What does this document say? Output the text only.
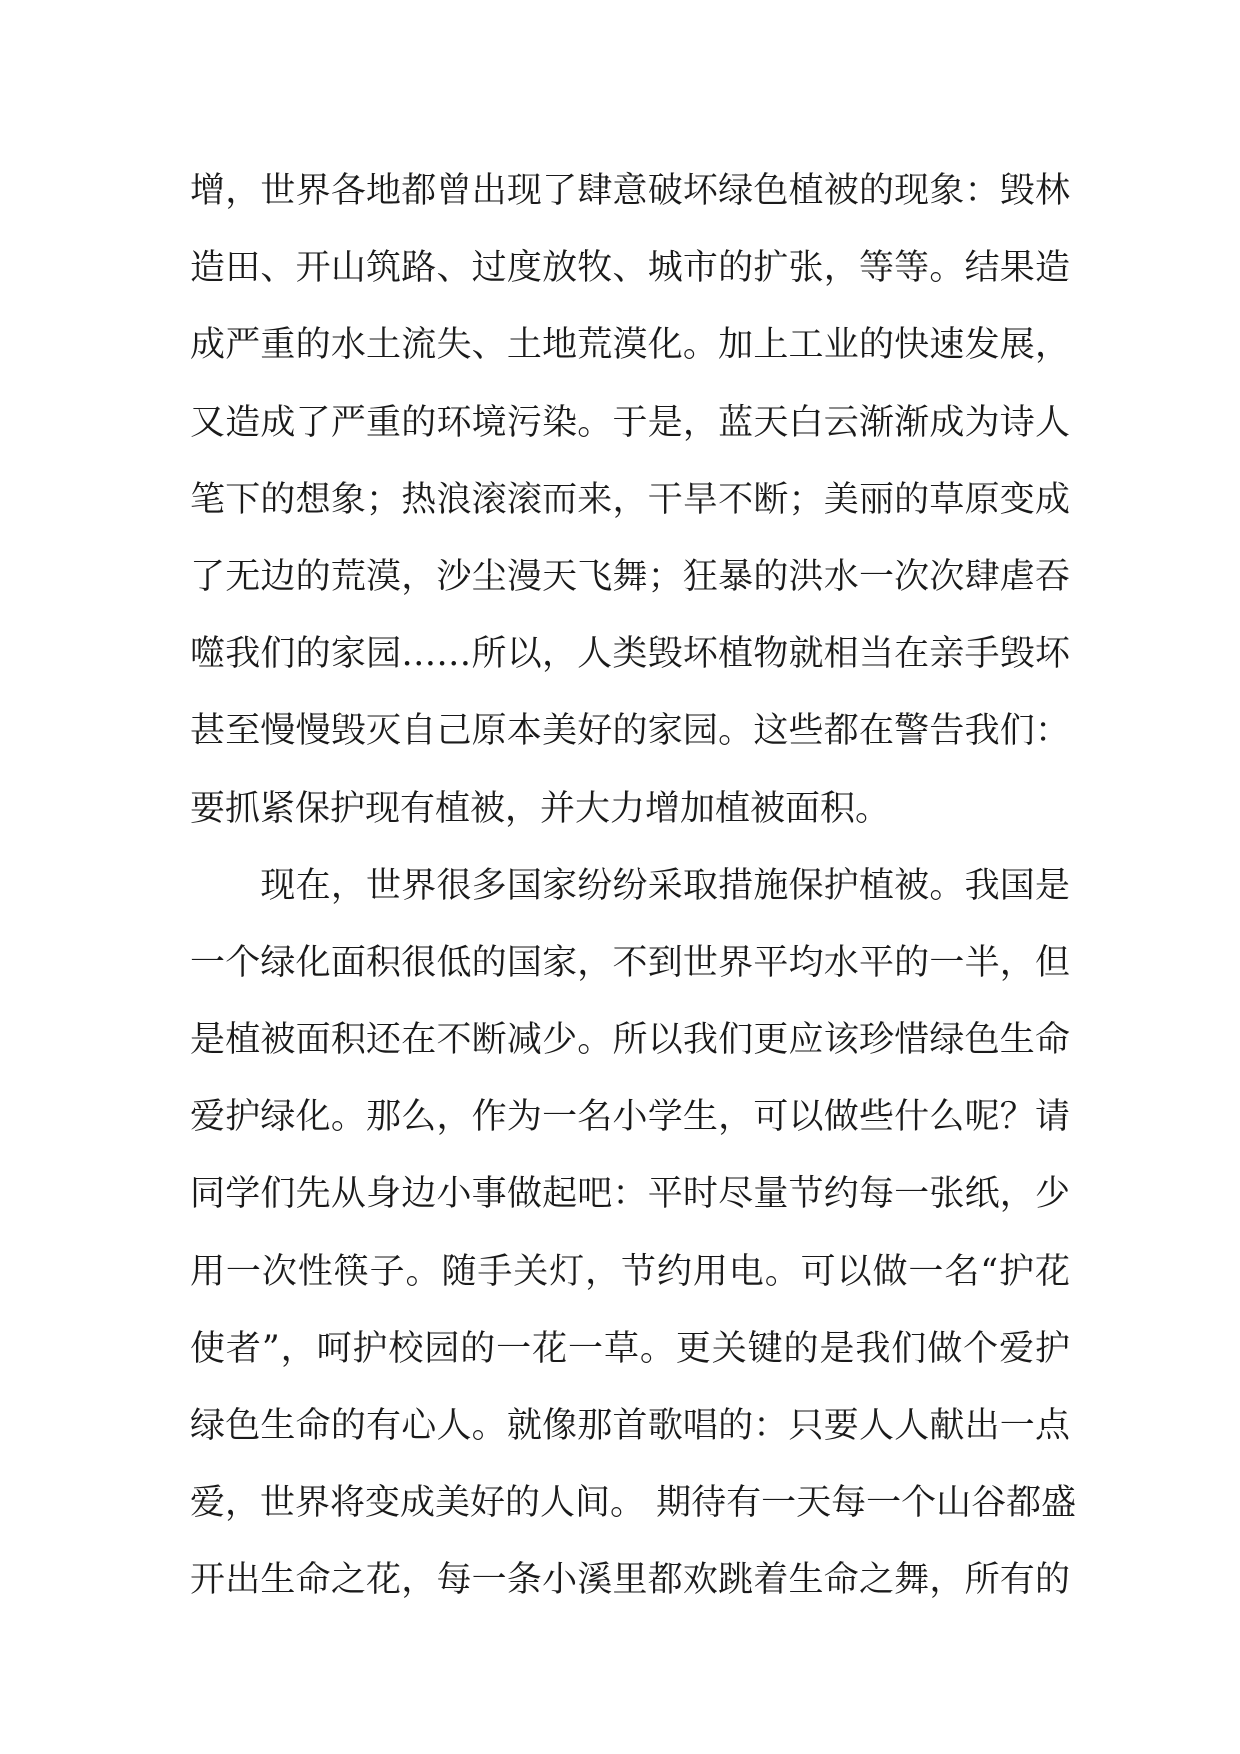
增，世界各地都曾出现了肆意破坏绿色植被的现象：毁林
造田、开山筑路、过度放牧、城市的扩张，等等。结果造
成严重的水土流失、土地荒漠化。加上工业的快速发展，
又造成了严重的环境污染。于是，蓝天白云渐渐成为诗人
笔下的想象；热浪滚滚而来，干旱不断；美丽的草原变成
了无边的荒漠，沙尘漫天飞舞；狂暴的洪水一次次肆虐吞
噬我们的家园……所以，人类毁坏植物就相当在亲手毁坏
甚至慢慢毁灭自己原本美好的家园。这些都在警告我们：
要抓紧保护现有植被，并大力增加植被面积。
　　现在，世界很多国家纷纷采取措施保护植被。我国是
一个绿化面积很低的国家，不到世界平均水平的一半，但
是植被面积还在不断减少。所以我们更应该珍惜绿色生命
爱护绿化。那么，作为一名小学生，可以做些什么呢？请
同学们先从身边小事做起吧：平时尽量节约每一张纸，少
用一次性筷子。随手关灯，节约用电。可以做一名“护花
使者”，呵护校园的一花一草。更关键的是我们做个爱护
绿色生命的有心人。就像那首歌唱的：只要人人献出一点
爱，世界将变成美好的人间。 期待有一天每一个山谷都盛
开出生命之花，每一条小溪里都欢跳着生命之舞，所有的
